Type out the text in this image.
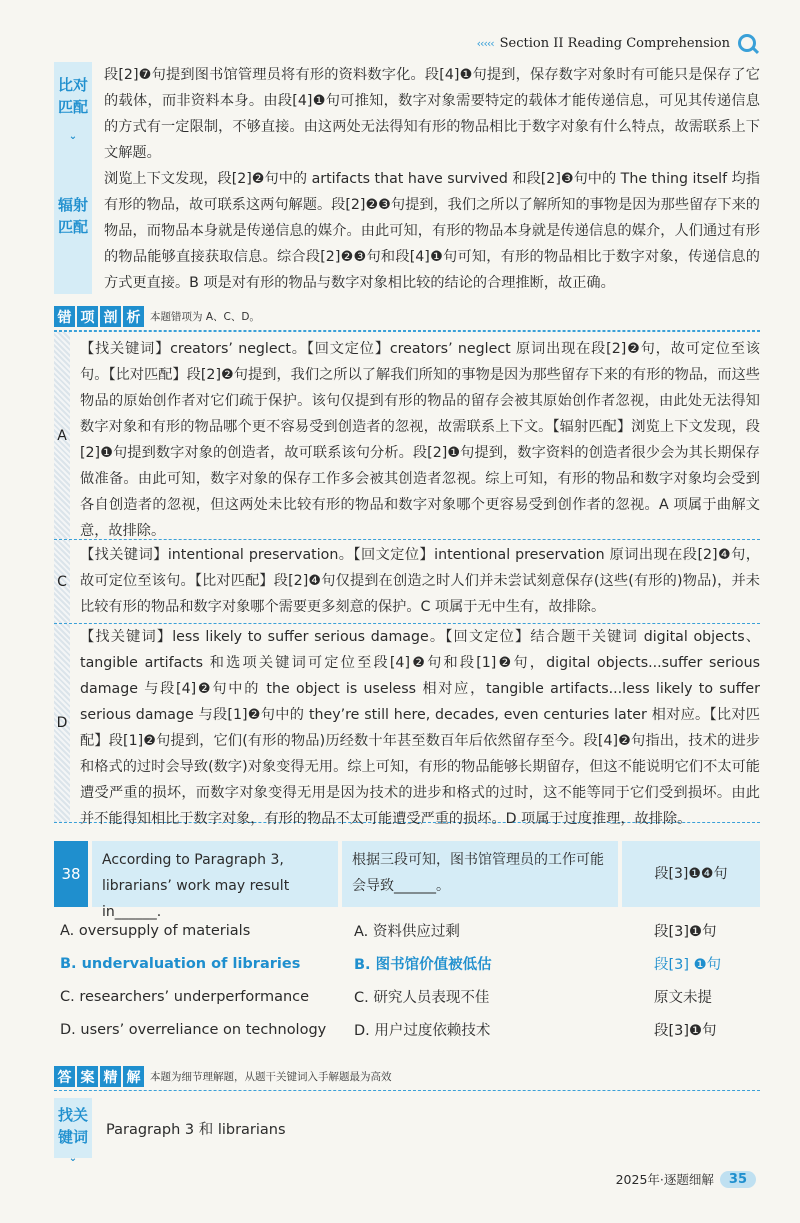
‹‹‹‹‹ Section II Reading Comprehension
比对匹配
⌄
段[2]❼句提到图书馆管理员将有形的资料数字化。段[4]❶句提到，保存数字对象时有可能只是保存了它的载体，而非资料本身。由段[4]❶句可推知，数字对象需要特定的载体才能传递信息，可见其传递信息的方式有一定限制，不够直接。由这两处无法得知有形的物品相比于数字对象有什么特点，故需联系上下文解题。
辐射匹配
浏览上下文发现，段[2]❷句中的 artifacts that have survived 和段[2]❸句中的 The thing itself 均指有形的物品，故可联系这两句解题。段[2]❷❸句提到，我们之所以了解所知的事物是因为那些留存下来的物品，而物品本身就是传递信息的媒介。由此可知，有形的物品本身就是传递信息的媒介，人们通过有形的物品能够直接获取信息。综合段[2]❷❸句和段[4]❶句可知，有形的物品相比于数字对象，传递信息的方式更直接。B 项是对有形的物品与数字对象相比较的结论的合理推断，故正确。
错 项 剖 析 本题错项为 A、C、D。
A
【找关键词】creators’ neglect。【回文定位】creators’ neglect 原词出现在段[2]❷句，故可定位至该句。【比对匹配】段[2]❷句提到，我们之所以了解我们所知的事物是因为那些留存下来的有形的物品，而这些物品的原始创作者对它们疏于保护。该句仅提到有形的物品的留存会被其原始创作者忽视，由此处无法得知数字对象和有形的物品哪个更不容易受到创造者的忽视，故需联系上下文。【辐射匹配】浏览上下文发现，段[2]❶句提到数字对象的创造者，故可联系该句分析。段[2]❶句提到，数字资料的创造者很少会为其长期保存做准备。由此可知，数字对象的保存工作多会被其创造者忽视。综上可知，有形的物品和数字对象均会受到各自创造者的忽视，但这两处未比较有形的物品和数字对象哪个更容易受到创作者的忽视。A 项属于曲解文意，故排除。
C
【找关键词】intentional preservation。【回文定位】intentional preservation 原词出现在段[2]❹句，故可定位至该句。【比对匹配】段[2]❹句仅提到在创造之时人们并未尝试刻意保存(这些(有形的)物品)，并未比较有形的物品和数字对象哪个需要更多刻意的保护。C 项属于无中生有，故排除。
D
【找关键词】less likely to suffer serious damage。【回文定位】结合题干关键词 digital objects、tangible artifacts 和选项关键词可定位至段[4]❷句和段[1]❷句，digital objects...suffer serious damage 与段[4]❷句中的 the object is useless 相对应，tangible artifacts...less likely to suffer serious damage 与段[1]❷句中的 they’re still here, decades, even centuries later 相对应。【比对匹配】段[1]❷句提到，它们(有形的物品)历经数十年甚至数百年后依然留存至今。段[4]❷句指出，技术的进步和格式的过时会导致(数字)对象变得无用。综上可知，有形的物品能够长期留存，但这不能说明它们不太可能遭受严重的损坏，而数字对象变得无用是因为技术的进步和格式的过时，这不能等同于它们受到损坏。由此并不能得知相比于数字对象，有形的物品不太可能遭受严重的损坏。D 项属于过度推理，故排除。
38
According to Paragraph 3, librarians’ work may result in______.
根据三段可知，图书馆管理员的工作可能会导致______。
段[3]❶❹句
A. oversupply of materials	A. 资料供应过剩	段[3]❶句
B. undervaluation of libraries	B. 图书馆价值被低估	段[3] ❶句
C. researchers’ underperformance	C. 研究人员表现不佳	原文未提
D. users’ overreliance on technology	D. 用户过度依赖技术	段[3]❶句
答 案 精 解 本题为细节理解题，从题干关键词入手解题最为高效
找关键词
⌄
Paragraph 3 和 librarians
2025年·逐题细解	35
